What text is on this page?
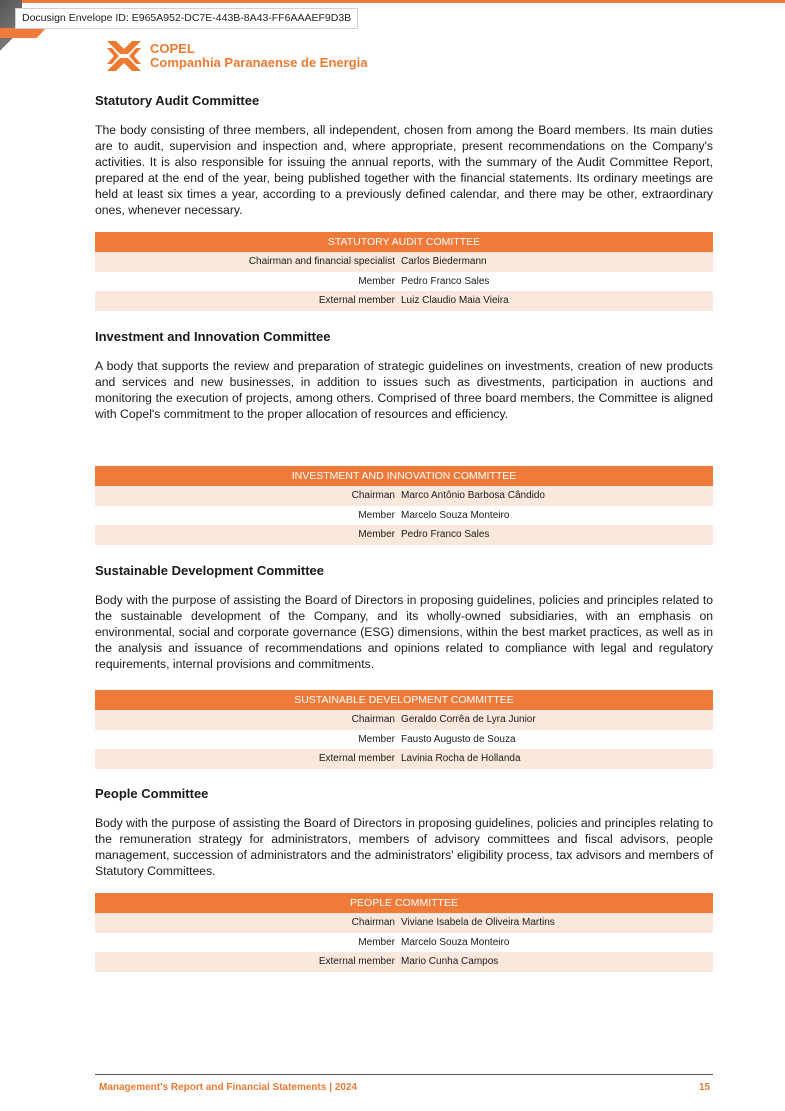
Docusign Envelope ID: E965A952-DC7E-443B-8A43-FF6AAAEF9D3B
COPEL
Companhia Paranaense de Energia
Statutory Audit Committee
The body consisting of three members, all independent, chosen from among the Board members. Its main duties are to audit, supervision and inspection and, where appropriate, present recommendations on the Company's activities. It is also responsible for issuing the annual reports, with the summary of the Audit Committee Report, prepared at the end of the year, being published together with the financial statements. Its ordinary meetings are held at least six times a year, according to a previously defined calendar, and there may be other, extraordinary ones, whenever necessary.
STATUTORY AUDIT COMITTEE
Chairman and financial specialist Carlos Biedermann
Member Pedro Franco Sales
External member Luiz Claudio Maia Vieira
Investment and Innovation Committee
A body that supports the review and preparation of strategic guidelines on investments, creation of new products and services and new businesses, in addition to issues such as divestments, participation in auctions and monitoring the execution of projects, among others. Comprised of three board members, the Committee is aligned with Copel's commitment to the proper allocation of resources and efficiency.
INVESTMENT AND INNOVATION COMMITTEE
Chairman Marco Antônio Barbosa Cândido
Member Marcelo Souza Monteiro
Member Pedro Franco Sales
Sustainable Development Committee
Body with the purpose of assisting the Board of Directors in proposing guidelines, policies and principles related to the sustainable development of the Company, and its wholly-owned subsidiaries, with an emphasis on environmental, social and corporate governance (ESG) dimensions, within the best market practices, as well as in the analysis and issuance of recommendations and opinions related to compliance with legal and regulatory requirements, internal provisions and commitments.
SUSTAINABLE DEVELOPMENT COMMITTEE
Chairman Geraldo Corrêa de Lyra Junior
Member Fausto Augusto de Souza
External member Lavinia Rocha de Hollanda
People Committee
Body with the purpose of assisting the Board of Directors in proposing guidelines, policies and principles relating to the remuneration strategy for administrators, members of advisory committees and fiscal advisors, people management, succession of administrators and the administrators' eligibility process, tax advisors and members of Statutory Committees.
PEOPLE COMMITTEE
Chairman Viviane Isabela de Oliveira Martins
Member Marcelo Souza Monteiro
External member Mario Cunha Campos
Management's Report and Financial Statements | 2024	15
